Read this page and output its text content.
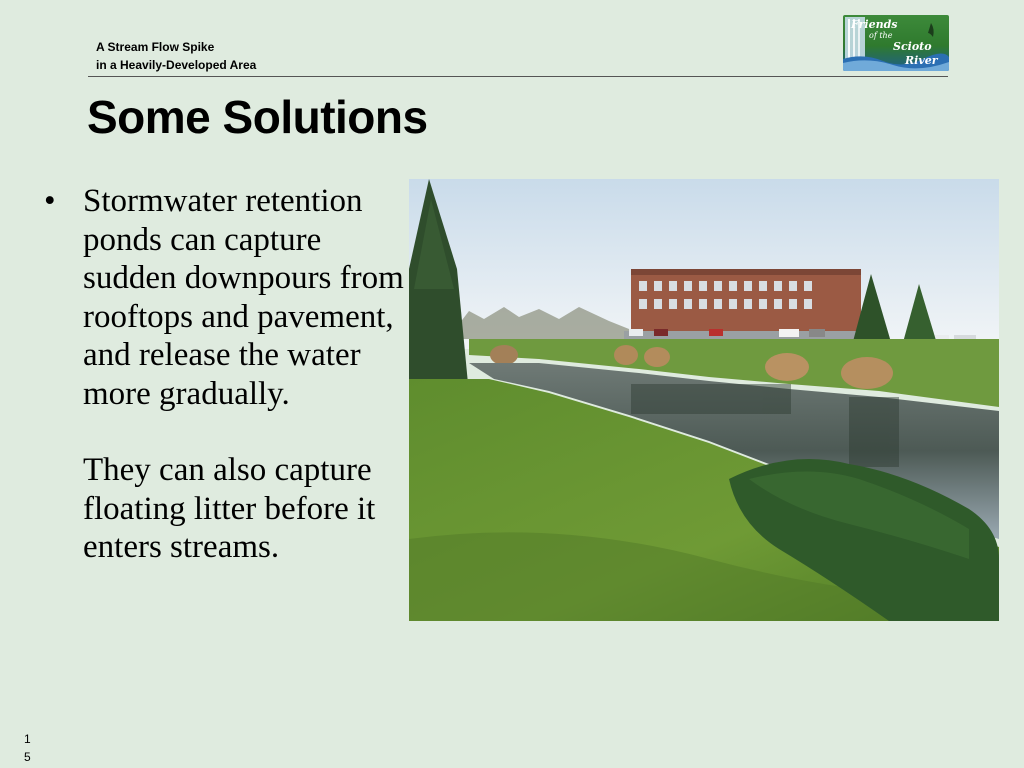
A Stream Flow Spike
in a Heavily-Developed Area
Friends
of the
Scioto
River
Some Solutions
• Stormwater retention ponds can capture sudden downpours from rooftops and pavement, and release the water more gradually.
They can also capture floating litter before it enters streams.
1
5
